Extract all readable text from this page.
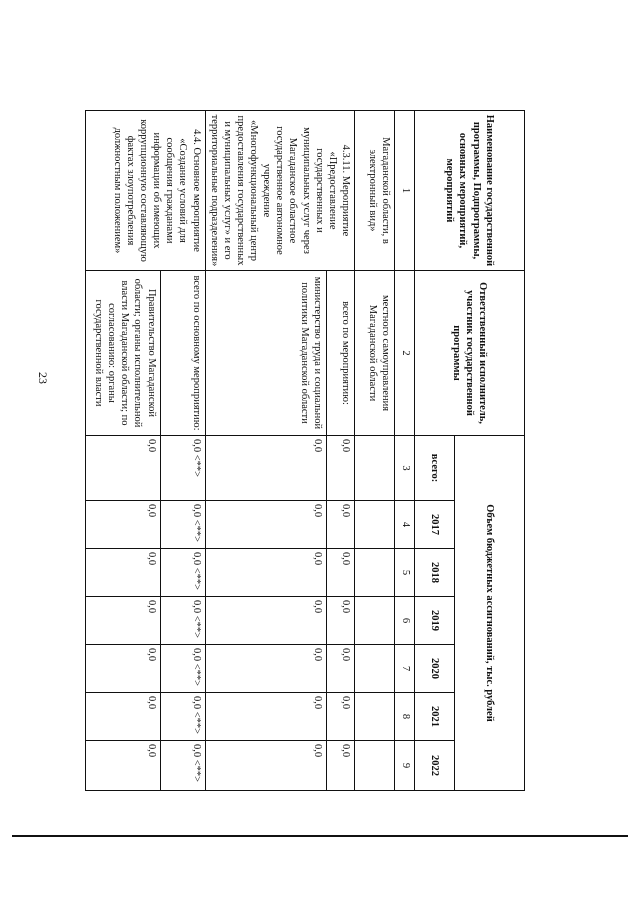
23
Наименование государственной программы, Подпрограммы, основных мероприятий, мероприятий	Ответственный исполнитель, участник государственной программы	Объем бюджетных ассигнований, тыс. рублей						
		всего:	2017	2018	2019	2020	2021	2022
1	2	3	4	5	6	7	8	9
Магаданской области, в электронный вид»	местного самоуправления Магаданской области							
4.3.11. Мероприятие «Предоставление государственных и муниципальных услуг через Магаданское областное государственное автономное учреждение «Многофункциональный центр предоставления государственных и муниципальных услуг» и его территориальные подразделения»	всего по мероприятию:	0,0	0,0	0,0	0,0	0,0	0,0	0,0
	министерство труда и социальной политики Магаданской области	0,0	0,0	0,0	0,0	0,0	0,0	0,0
4.4. Основное мероприятие «Создание условий для сообщения гражданами информации об имеющих коррупционную составляющую фактах злоупотребления должностным положением»	всего по основному мероприятию:	0,0 <**>	0,0 <**>	0,0 <**>	0,0 <**>	0,0 <**>	0,0 <**>	0,0 <**>
	Правительство Магаданской области; органы исполнительной власти Магаданской области; по согласованию: органы государственной власти	0,0	0,0	0,0	0,0	0,0	0,0	0,0
